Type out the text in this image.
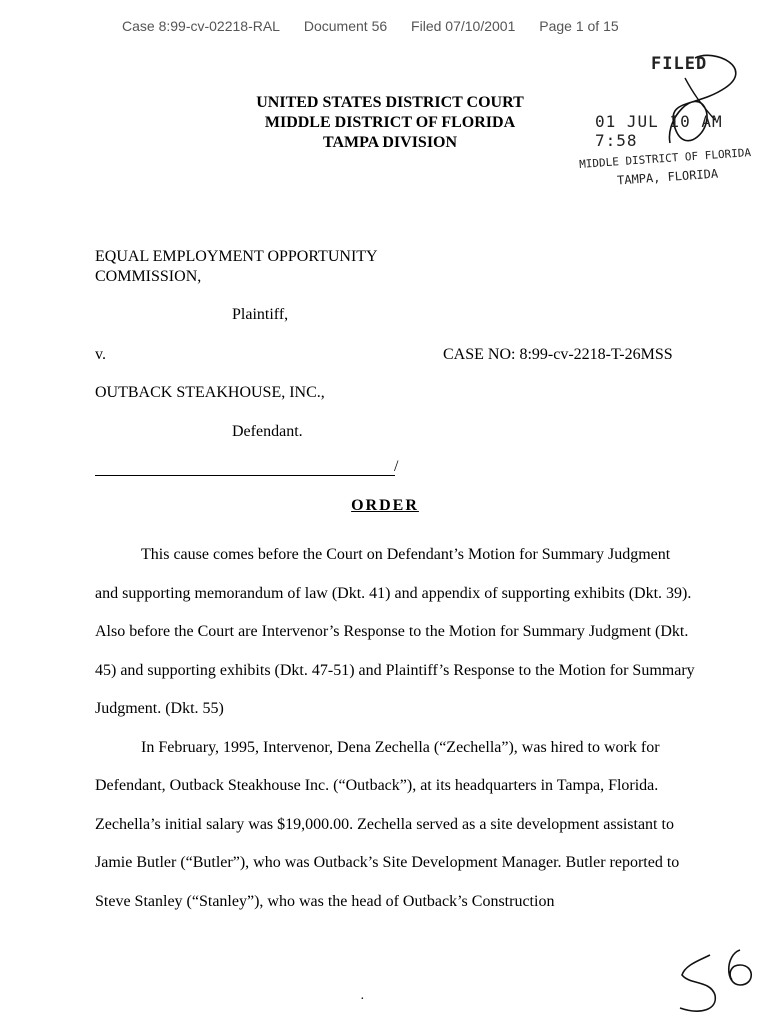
Case 8:99-cv-02218-RAL Document 56 Filed 07/10/2001 Page 1 of 15
UNITED STATES DISTRICT COURT
MIDDLE DISTRICT OF FLORIDA
TAMPA DIVISION
FILED
01 JUL 10 AM 7:58
MIDDLE DISTRICT OF FLORIDA
TAMPA, FLORIDA
EQUAL EMPLOYMENT OPPORTUNITY
COMMISSION,
Plaintiff,
v.	CASE NO: 8:99-cv-2218-T-26MSS
OUTBACK STEAKHOUSE, INC.,
Defendant.
/
ORDER

This cause comes before the Court on Defendant’s Motion for Summary Judgment and supporting memorandum of law (Dkt. 41) and appendix of supporting exhibits (Dkt. 39). Also before the Court are Intervenor’s Response to the Motion for Summary Judgment (Dkt. 45) and supporting exhibits (Dkt. 47-51) and Plaintiff’s Response to the Motion for Summary Judgment. (Dkt. 55)

In February, 1995, Intervenor, Dena Zechella (“Zechella”), was hired to work for Defendant, Outback Steakhouse Inc. (“Outback”), at its headquarters in Tampa, Florida. Zechella’s initial salary was $19,000.00. Zechella served as a site development assistant to Jamie Butler (“Butler”), who was Outback’s Site Development Manager. Butler reported to Steve Stanley (“Stanley”), who was the head of Outback’s Construction

·
